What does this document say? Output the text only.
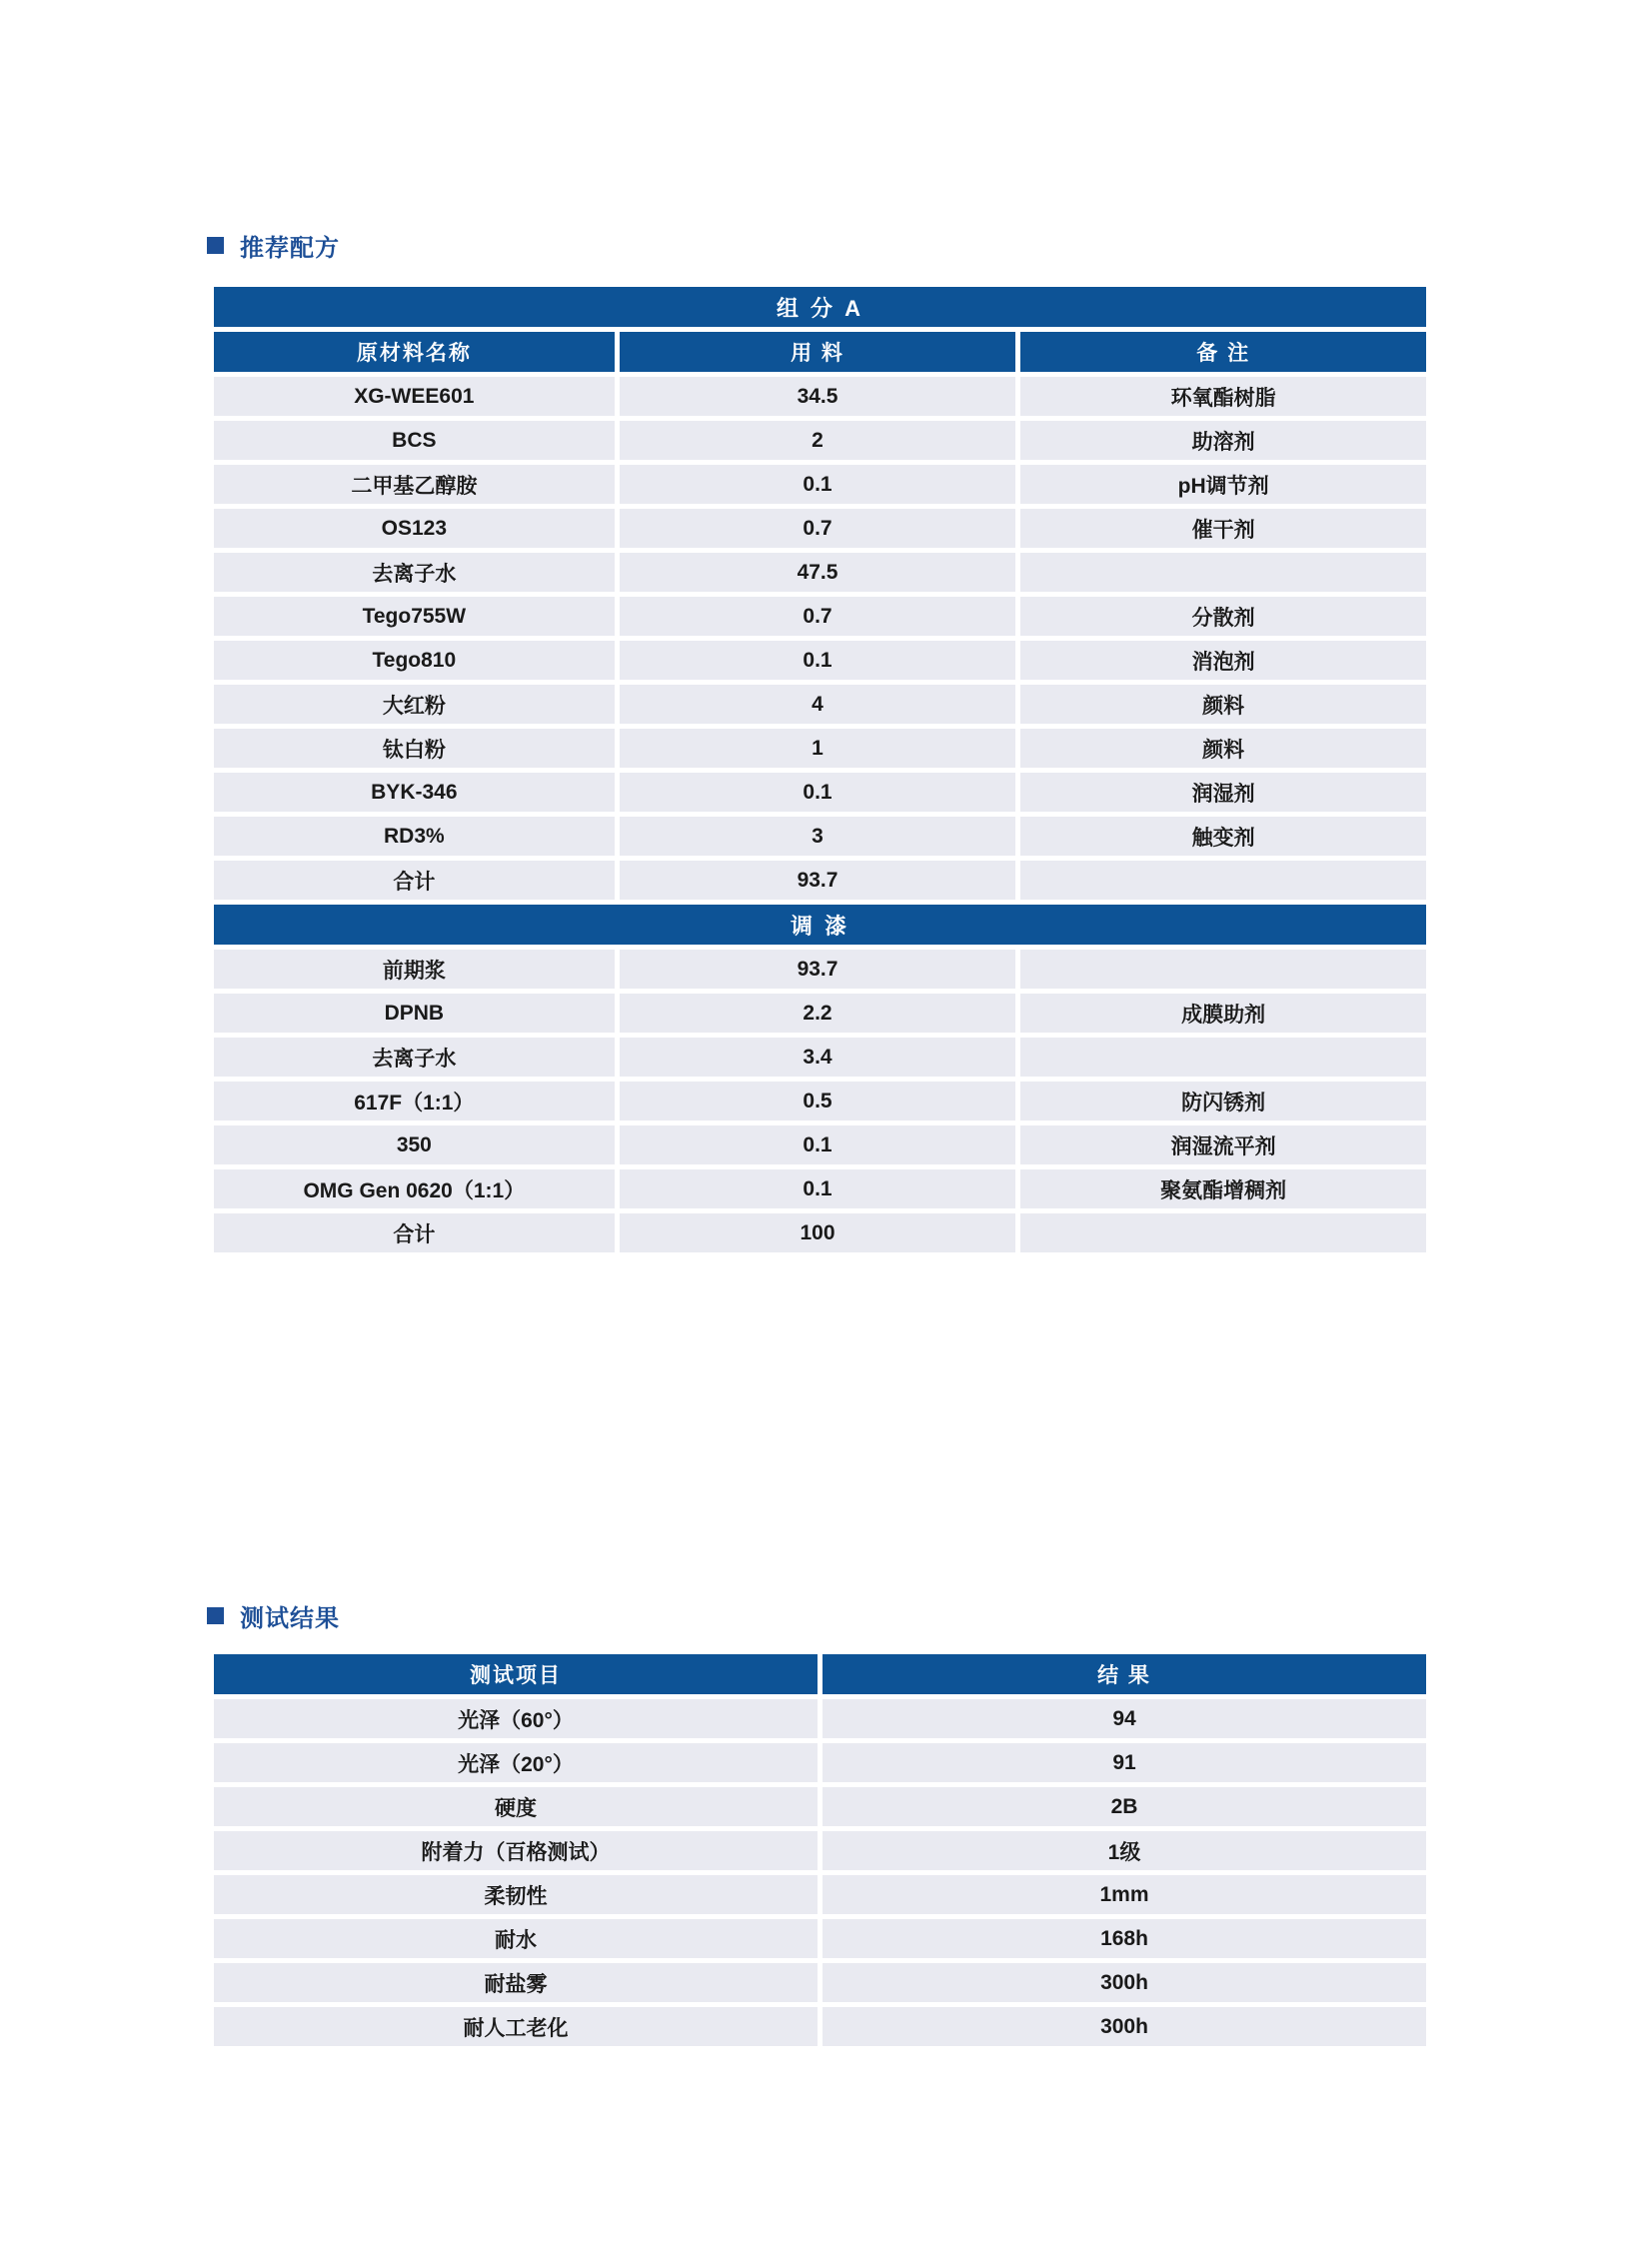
推荐配方
组 分 A
原材料名称	用 料	备 注
XG-WEE601	34.5	环氧酯树脂
BCS	2	助溶剂
二甲基乙醇胺	0.1	pH调节剂
OS123	0.7	催干剂
去离子水	47.5
Tego755W	0.7	分散剂
Tego810	0.1	消泡剂
大红粉	4	颜料
钛白粉	1	颜料
BYK-346	0.1	润湿剂
RD3%	3	触变剂
合计	93.7
调 漆
前期浆	93.7
DPNB	2.2	成膜助剂
去离子水	3.4
617F（1:1）	0.5	防闪锈剂
350	0.1	润湿流平剂
OMG Gen 0620（1:1）	0.1	聚氨酯增稠剂
合计	100
测试结果
测试项目	结 果
光泽（60°）	94
光泽（20°）	91
硬度	2B
附着力（百格测试）	1级
柔韧性	1mm
耐水	168h
耐盐雾	300h
耐人工老化	300h
